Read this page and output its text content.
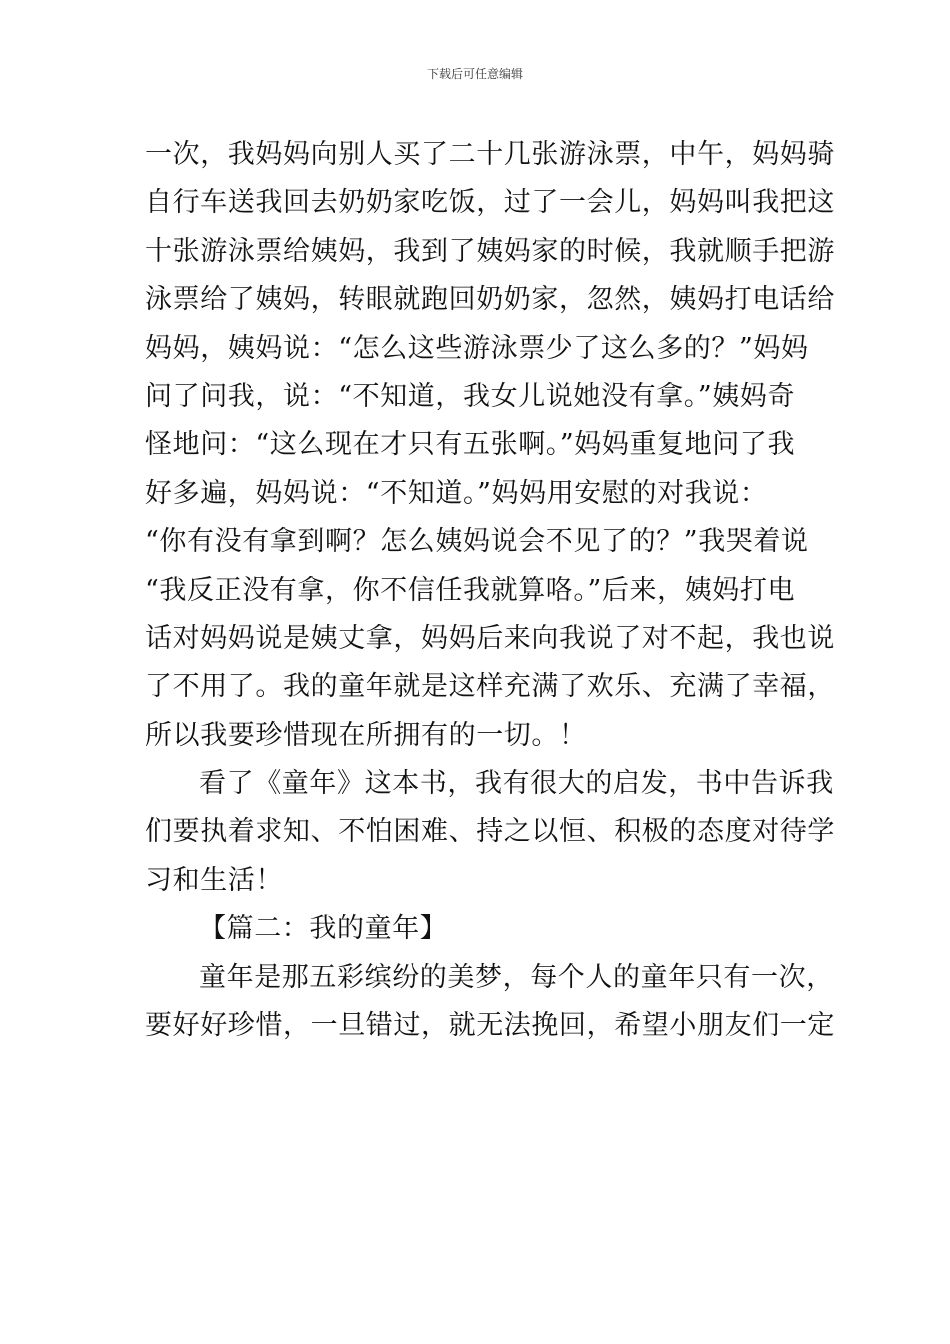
下载后可任意编辑
一次，我妈妈向别人买了二十几张游泳票，中午，妈妈骑
自行车送我回去奶奶家吃饭，过了一会儿，妈妈叫我把这
十张游泳票给姨妈，我到了姨妈家的时候，我就顺手把游
泳票给了姨妈，转眼就跑回奶奶家，忽然，姨妈打电话给
妈妈，姨妈说：“怎么这些游泳票少了这么多的？”妈妈
问了问我，说：“不知道，我女儿说她没有拿。”姨妈奇
怪地问：“这么现在才只有五张啊。”妈妈重复地问了我
好多遍，妈妈说：“不知道。”妈妈用安慰的对我说：
“你有没有拿到啊？怎么姨妈说会不见了的？”我哭着说
“我反正没有拿，你不信任我就算咯。”后来，姨妈打电
话对妈妈说是姨丈拿，妈妈后来向我说了对不起，我也说
了不用了。我的童年就是这样充满了欢乐、充满了幸福，
所以我要珍惜现在所拥有的一切。！
看了《童年》这本书，我有很大的启发，书中告诉我
们要执着求知、不怕困难、持之以恒、积极的态度对待学
习和生活！
【篇二：我的童年】
童年是那五彩缤纷的美梦，每个人的童年只有一次，
要好好珍惜，一旦错过，就无法挽回，希望小朋友们一定
